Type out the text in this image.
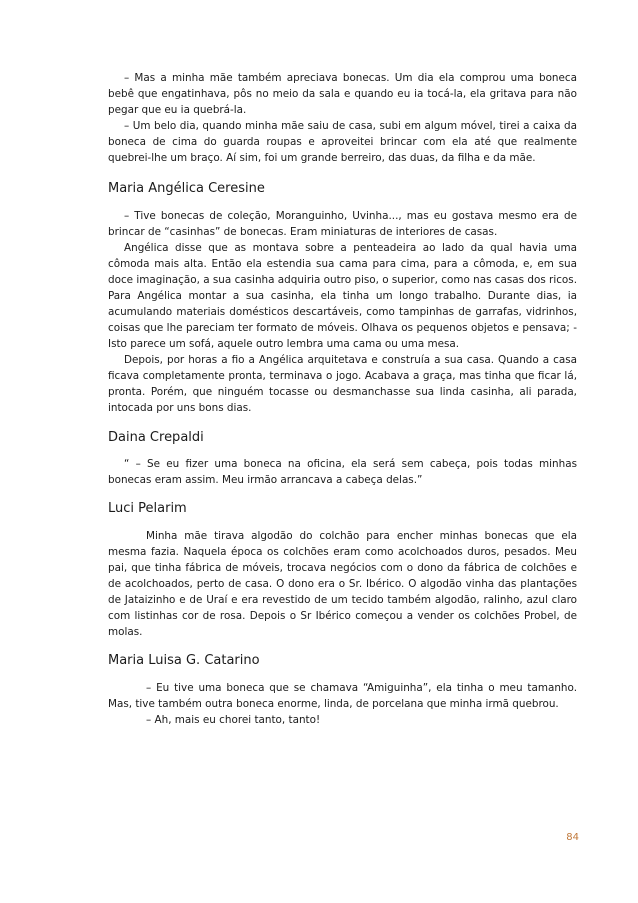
– Mas a minha mãe também apreciava bonecas. Um dia ela comprou uma boneca bebê que engatinhava, pôs no meio da sala e quando eu ia tocá-la, ela gritava para não pegar que eu ia quebrá-la.

– Um belo dia, quando minha mãe saiu de casa, subi em algum móvel, tirei a caixa da boneca de cima do guarda roupas e aproveitei brincar com ela até que realmente quebrei-lhe um braço. Aí sim, foi um grande berreiro, das duas, da filha e da mãe.

Maria Angélica Ceresine

– Tive bonecas de coleção, Moranguinho, Uvinha..., mas eu gostava mesmo era de brincar de “casinhas” de bonecas. Eram miniaturas de interiores de casas.

Angélica disse que as montava sobre a penteadeira ao lado da qual havia uma cômoda mais alta. Então ela estendia sua cama para cima, para a cômoda, e, em sua doce imaginação, a sua casinha adquiria outro piso, o superior, como nas casas dos ricos. Para Angélica montar a sua casinha, ela tinha um longo trabalho. Durante dias, ia acumulando materiais domésticos descartáveis, como tampinhas de garrafas, vidrinhos, coisas que lhe pareciam ter formato de móveis. Olhava os pequenos objetos e pensava; - Isto parece um sofá, aquele outro lembra uma cama ou uma mesa.

Depois, por horas a fio a Angélica arquitetava e construía a sua casa. Quando a casa ficava completamente pronta, terminava o jogo. Acabava a graça, mas tinha que ficar lá, pronta. Porém, que ninguém tocasse ou desmanchasse sua linda casinha, ali parada, intocada por uns bons dias.

Daina Crepaldi

“ – Se eu fizer uma boneca na oficina, ela será sem cabeça, pois todas minhas bonecas eram assim. Meu irmão arrancava a cabeça delas.”

Luci Pelarim

Minha mãe tirava algodão do colchão para encher minhas bonecas que ela mesma fazia. Naquela época os colchões eram como acolchoados duros, pesados. Meu pai, que tinha fábrica de móveis, trocava negócios com o dono da fábrica de colchões e de acolchoados, perto de casa. O dono era o Sr. Ibérico. O algodão vinha das plantações de Jataizinho e de Uraí e era revestido de um tecido também algodão, ralinho, azul claro com listinhas cor de rosa. Depois o Sr Ibérico começou a vender os colchões Probel, de molas.

Maria Luisa G. Catarino

– Eu tive uma boneca que se chamava “Amiguinha”, ela tinha o meu tamanho. Mas, tive também outra boneca enorme, linda, de porcelana que minha irmã quebrou.

– Ah, mais eu chorei tanto, tanto!

84
